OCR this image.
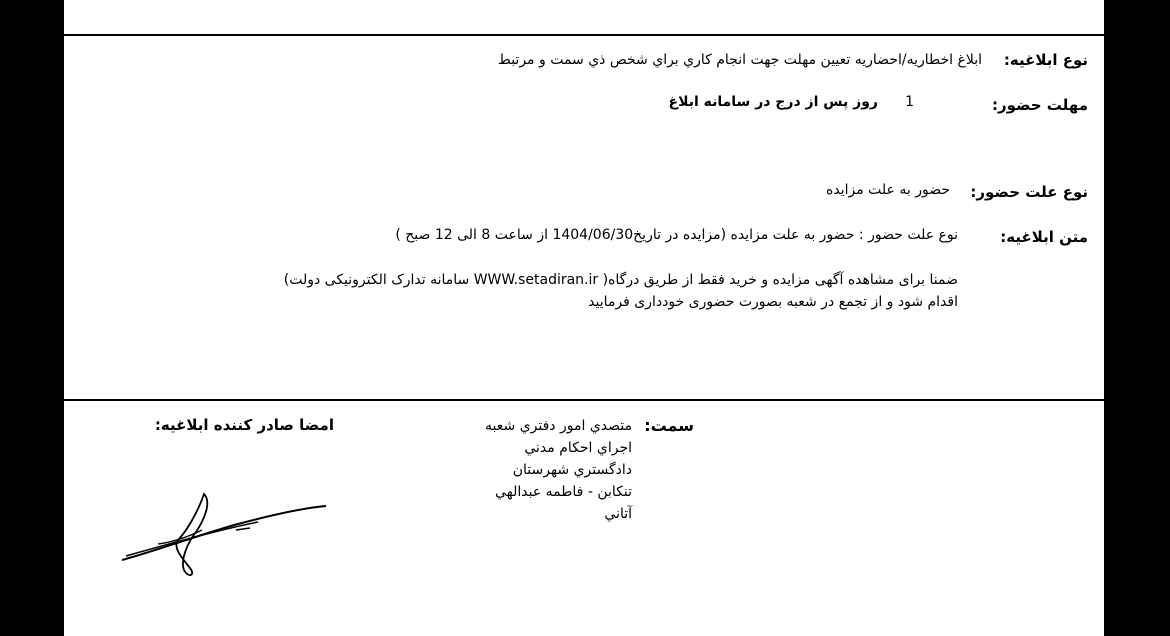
نوع ابلاغیه:
ابلاغ اخطاريه/احضاريه تعيين مهلت جهت انجام كاري براي شخص ذي سمت و مرتبط
مهلت حضور:
1
روز پس از درج در سامانه ابلاغ
نوع علت حضور:
حضور به علت مزایده
متن ابلاغیه:
نوع علت حضور : حضور به علت مزایده (مزایده در تاریخ1404/06/30 از ساعت 8 الی 12 صبح )
ضمنا برای مشاهده آگهی مزایده و خرید فقط از طریق درگاه( WWW.setadiran.ir سامانه تدارک الکترونیکی دولت)
اقدام شود و از تجمع در شعبه بصورت حضوری خودداری فرمایید
سمت:
متصدي امور دفتري شعبه
اجراي احكام مدني
دادگستري شهرستان
تنكابن - فاطمه عبدالهي
آتاني
امضا صادر کننده ابلاغیه:
